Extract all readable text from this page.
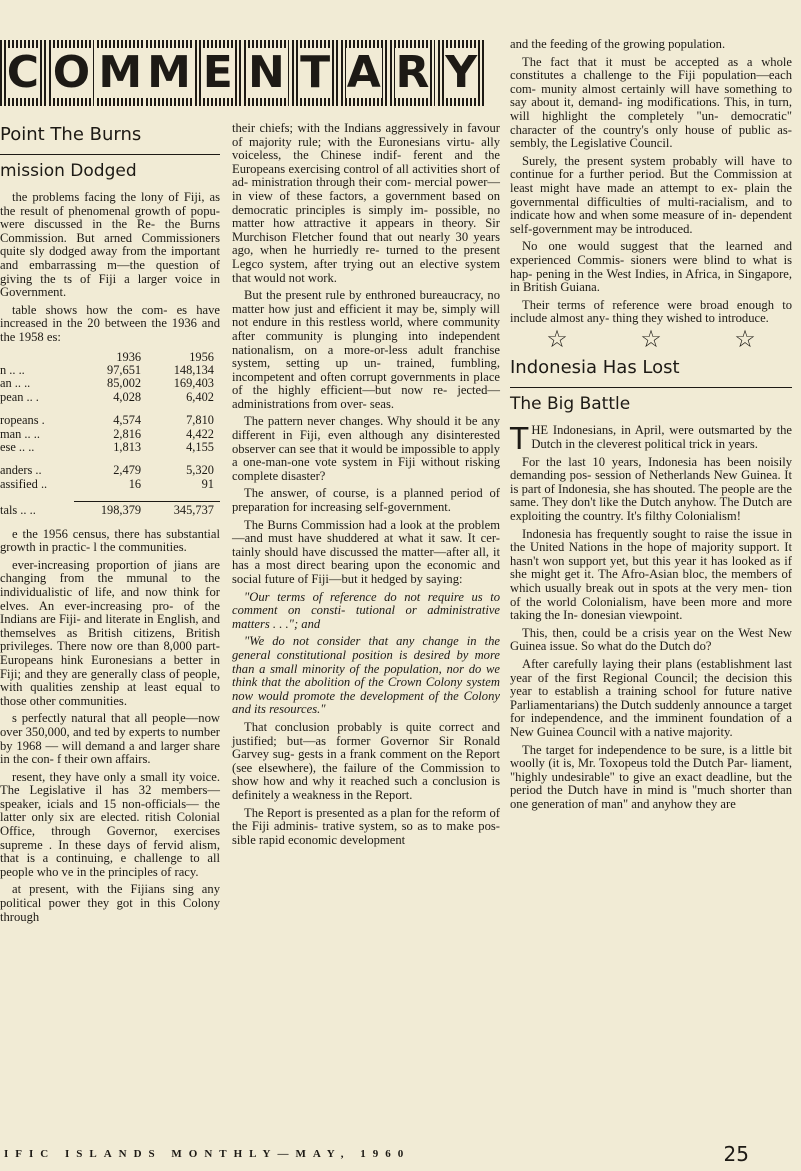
C O M M E N T A R Y
Point The Burns
mission Dodged

the problems facing the lony of Fiji, as the result of phenomenal growth of popu- were discussed in the Re- the Burns Commission. But arned Commissioners quite sly dodged away from the important and embarrassing m—the question of giving the ts of Fiji a larger voice in Government.

table shows how the com- es have increased in the 20 between the 1936 and the 1958 es:

	1936	1956
n .. ..	97,651	148,134
an .. ..	85,002	169,403
pean .. .	4,028	6,402

ropeans .	4,574	7,810
man .. ..	2,816	4,422
ese .. ..	1,813	4,155

anders ..	2,479	5,320
assified ..	16	91

tals .. ..	198,379	345,737

e the 1956 census, there has substantial growth in practic- l the communities.

ever-increasing proportion of jians are changing from the mmunal to the individualistic of life, and now think for elves. An ever-increasing pro- of the Indians are Fiji- and literate in English, and themselves as British citizens, British privileges. There now ore than 8,000 part-Europeans hink Euronesians a better in Fiji; and they are generally class of people, with qualities zenship at least equal to those other communities.

s perfectly natural that all people—now over 350,000, and ted by experts to number by 1968 — will demand a and larger share in the con- f their own affairs.

resent, they have only a small ity voice. The Legislative il has 32 members—speaker, icials and 15 non-officials— the latter only six are elected. ritish Colonial Office, through Governor, exercises supreme . In these days of fervid alism, that is a continuing, e challenge to all people who ve in the principles of racy.

at present, with the Fijians sing any political power they got in this Colony through

their chiefs; with the Indians aggressively in favour of majority rule; with the Euronesians virtu- ally voiceless, the Chinese indif- ferent and the Europeans exercising control of all activities short of ad- ministration through their com- mercial power—in view of these factors, a government based on democratic principles is simply im- possible, no matter how attractive it appears in theory. Sir Murchison Fletcher found that out nearly 30 years ago, when he hurriedly re- turned to the present Legco system, after trying out an elective system that would not work.

But the present rule by enthroned bureaucracy, no matter how just and efficient it may be, simply will not endure in this restless world, where community after community is plunging into independent nationalism, on a more-or-less adult franchise system, setting up un- trained, fumbling, incompetent and often corrupt governments in place of the highly efficient—but now re- jected—administrations from over- seas.

The pattern never changes. Why should it be any different in Fiji, even although any disinterested observer can see that it would be impossible to apply a one-man-one vote system in Fiji without risking complete disaster?

The answer, of course, is a planned period of preparation for increasing self-government.

The Burns Commission had a look at the problem—and must have shuddered at what it saw. It cer- tainly should have discussed the matter—after all, it has a most direct bearing upon the economic and social future of Fiji—but it hedged by saying:

"Our terms of reference do not require us to comment on consti- tutional or administrative matters . . ."; and

"We do not consider that any change in the general constitutional position is desired by more than a small minority of the population, nor do we think that the abolition of the Crown Colony system now would promote the development of the Colony and its resources."

That conclusion probably is quite correct and justified; but—as former Governor Sir Ronald Garvey sug- gests in a frank comment on the Report (see elsewhere), the failure of the Commission to show how and why it reached such a conclusion is definitely a weakness in the Report.

The Report is presented as a plan for the reform of the Fiji adminis- trative system, so as to make pos- sible rapid economic development

and the feeding of the growing population.

The fact that it must be accepted as a whole constitutes a challenge to the Fiji population—each com- munity almost certainly will have something to say about it, demand- ing modifications. This, in turn, will highlight the completely "un- democratic" character of the country's only house of public as- sembly, the Legislative Council.

Surely, the present system probably will have to continue for a further period. But the Commission at least might have made an attempt to ex- plain the governmental difficulties of multi-racialism, and to indicate how and when some measure of in- dependent self-government may be introduced.

No one would suggest that the learned and experienced Commis- sioners were blind to what is hap- pening in the West Indies, in Africa, in Singapore, in British Guiana.

Their terms of reference were broad enough to include almost any- thing they wished to introduce.

☆	☆	☆
Indonesia Has Lost
The Big Battle

THE Indonesians, in April, were outsmarted by the Dutch in the cleverest political trick in years.

For the last 10 years, Indonesia has been noisily demanding pos- session of Netherlands New Guinea. It is part of Indonesia, she has shouted. The people are the same. They don't like the Dutch anyhow. The Dutch are exploiting the country. It's filthy Colonialism!

Indonesia has frequently sought to raise the issue in the United Nations in the hope of majority support. It hasn't won support yet, but this year it has looked as if she might get it. The Afro-Asian bloc, the members of which usually break out in spots at the very men- tion of the world Colonialism, have been more and more taking the In- donesian viewpoint.

This, then, could be a crisis year on the West New Guinea issue. So what do the Dutch do?

After carefully laying their plans (establishment last year of the first Regional Council; the decision this year to establish a training school for future native Parliamentarians) the Dutch suddenly announce a target for independence, and the imminent foundation of a New Guinea Council with a native majority.

The target for independence to be sure, is a little bit woolly (it is, Mr. Toxopeus told the Dutch Par- liament, "highly undesirable" to give an exact deadline, but the period the Dutch have in mind is "much shorter than one generation of man" and anyhow they are

IFIC ISLANDS MONTHLY—MAY, 1960	25
